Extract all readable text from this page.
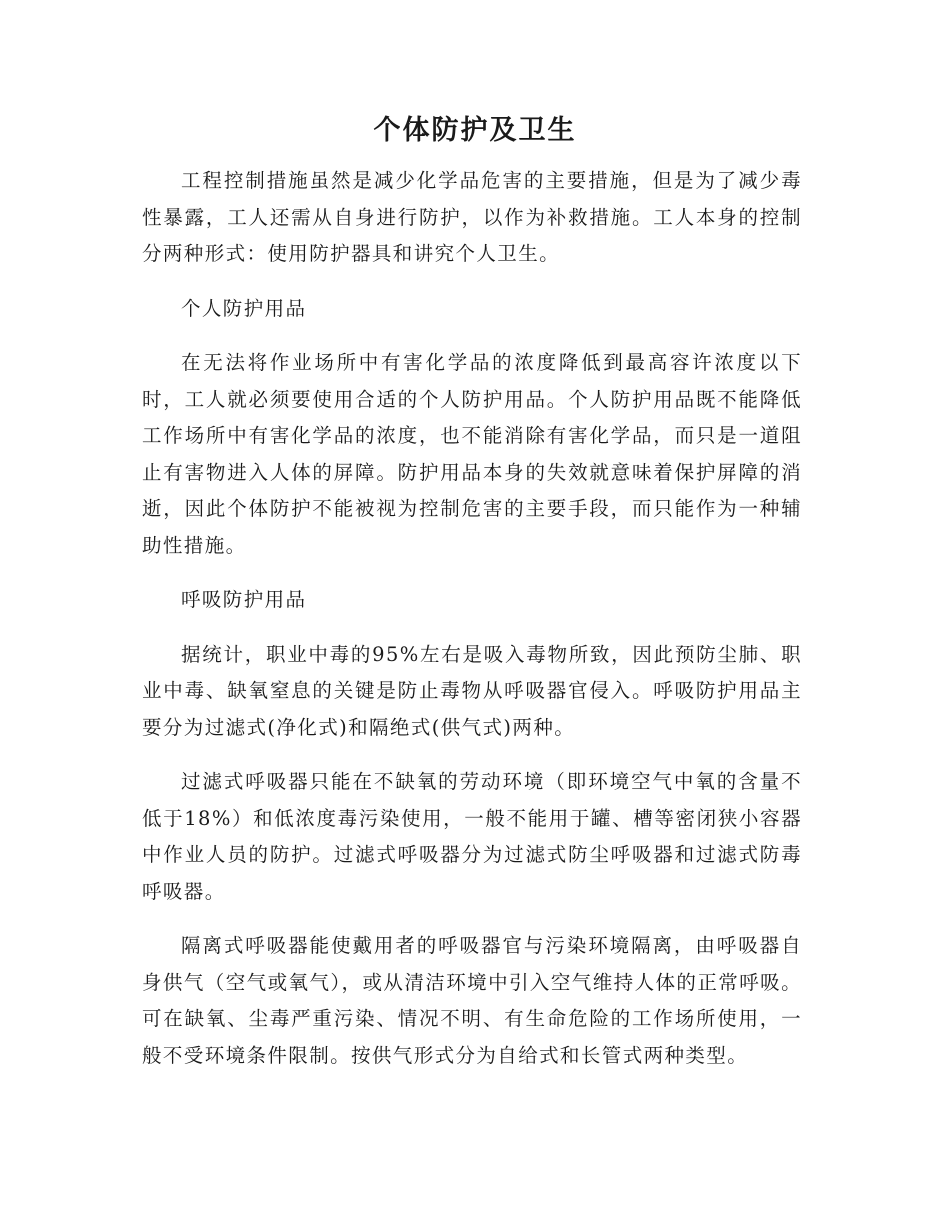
个体防护及卫生

工程控制措施虽然是减少化学品危害的主要措施，但是为了减少毒性暴露，工人还需从自身进行防护，以作为补救措施。工人本身的控制分两种形式：使用防护器具和讲究个人卫生。

个人防护用品

在无法将作业场所中有害化学品的浓度降低到最高容许浓度以下时，工人就必须要使用合适的个人防护用品。个人防护用品既不能降低工作场所中有害化学品的浓度，也不能消除有害化学品，而只是一道阻止有害物进入人体的屏障。防护用品本身的失效就意味着保护屏障的消逝，因此个体防护不能被视为控制危害的主要手段，而只能作为一种辅助性措施。

呼吸防护用品

据统计，职业中毒的95%左右是吸入毒物所致，因此预防尘肺、职业中毒、缺氧窒息的关键是防止毒物从呼吸器官侵入。呼吸防护用品主要分为过滤式(净化式)和隔绝式(供气式)两种。

过滤式呼吸器只能在不缺氧的劳动环境（即环境空气中氧的含量不低于18%）和低浓度毒污染使用，一般不能用于罐、槽等密闭狭小容器中作业人员的防护。过滤式呼吸器分为过滤式防尘呼吸器和过滤式防毒呼吸器。

隔离式呼吸器能使戴用者的呼吸器官与污染环境隔离，由呼吸器自身供气（空气或氧气），或从清洁环境中引入空气维持人体的正常呼吸。可在缺氧、尘毒严重污染、情况不明、有生命危险的工作场所使用，一般不受环境条件限制。按供气形式分为自给式和长管式两种类型。
